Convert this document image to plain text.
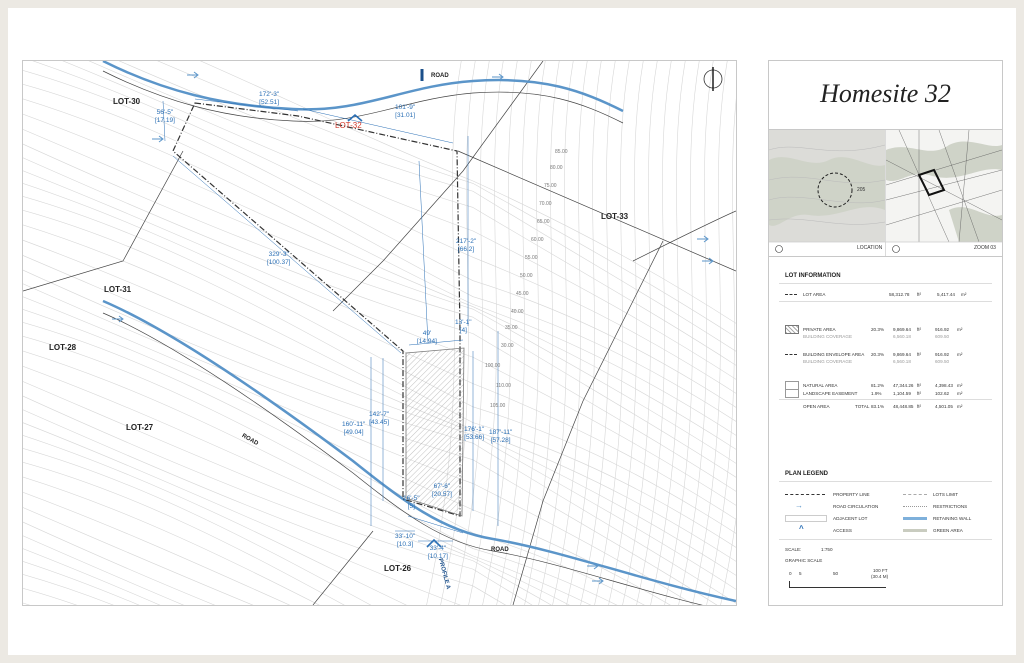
ROAD
ROAD
ROAD
LOT-30
LOT-32
LOT-33
LOT-31
LOT-28
LOT-27
LOT-26	PROFILE A
172'-3"
[52.51]
56'-5"
[17.19]
101'-9"
[31.01]
329'-3"
[100.37]
217'-2"
[66.2]
49'
[14.94]
13'-1"
[4]
160'-11"
[49.04]
142'-7"
[43.45]
176'-1"
[53.66]
187'-11"
[57.28]
67'-6"
[20.57]
16'-5"
[5]
33'-10"
[10.3]
33'-4"
[10.17]
85.00
80.00
75.00
70.00
65.00
60.00
55.00
50.00
45.00
40.00
35.00
30.00
110.00
105.00
100.00
Homesite 32
LOCATION	ZOOM 03
205
LOT INFORMATION
LOT AREA	58,312.78 ft²	5,417.44 m²
PRIVATE AREA	20.3% 9,869.64 ft²	916.92 m²
BUILDING COVERAGE	6,560.18	609.50
BUILDING ENVELOPE AREA 20.3% 9,869.64 ft²	916.92 m²
BUILDING COVERAGE	6,560.18	609.50
NATURAL AREA	81.2% 47,344.26 ft²	4,398.43 m²
LANDSCAPE EASEMENT	1.9%	1,104.59 ft²	102.62 m²
OPEN AREA	TOTAL 83.1% 48,448.85 ft²	4,501.05 m²
PLAN LEGEND
PROPERTY LINE	LOTS LIMIT
→	ROAD CIRCULATION	RESTRICTIONS
ADJACENT LOT	RETAINING WALL
^	ACCESS	GREEN AREA
SCALE:	1:750
GRAPHIC SCALE
0 5	50
100 FT
(30.4 M)
